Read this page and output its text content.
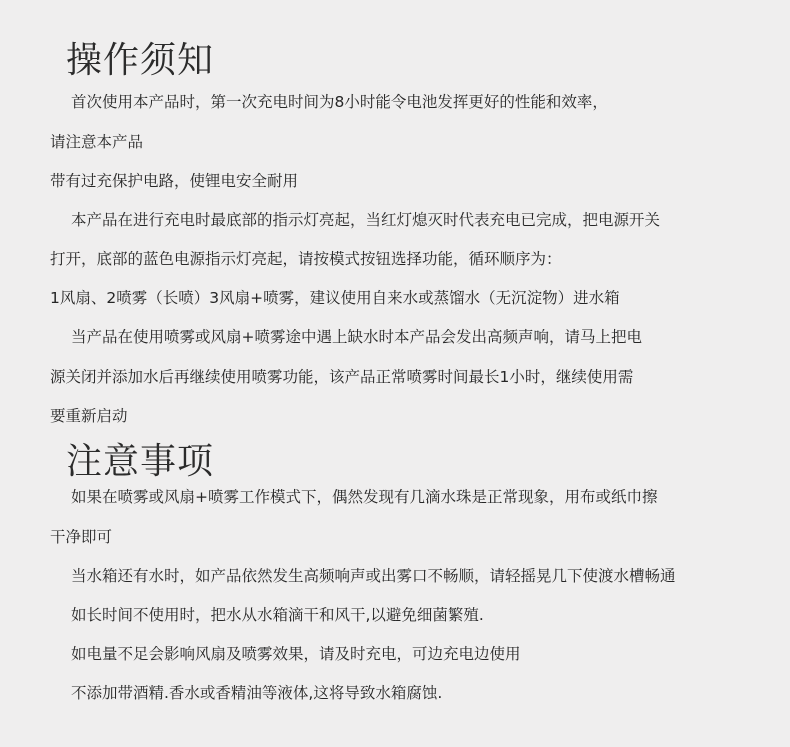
操作须知
首次使用本产品时，第一次充电时间为8小时能令电池发挥更好的性能和效率，
请注意本产品
带有过充保护电路，使锂电安全耐用
本产品在进行充电时最底部的指示灯亮起，当红灯熄灭时代表充电已完成，把电源开关
打开，底部的蓝色电源指示灯亮起，请按模式按钮选择功能，循环顺序为：
1风扇、2喷雾（长喷）3风扇+喷雾，建议使用自来水或蒸馏水（无沉淀物）进水箱
当产品在使用喷雾或风扇+喷雾途中遇上缺水时本产品会发出高频声响，请马上把电
源关闭并添加水后再继续使用喷雾功能，该产品正常喷雾时间最长1小时，继续使用需
要重新启动
注意事项
如果在喷雾或风扇+喷雾工作模式下，偶然发现有几滴水珠是正常现象，用布或纸巾擦
干净即可
当水箱还有水时，如产品依然发生高频响声或出雾口不畅顺，请轻摇晃几下使渡水槽畅通
如长时间不使用时，把水从水箱滴干和风干,以避免细菌繁殖.
如电量不足会影响风扇及喷雾效果，请及时充电，可边充电边使用
不添加带酒精.香水或香精油等液体,这将导致水箱腐蚀.
